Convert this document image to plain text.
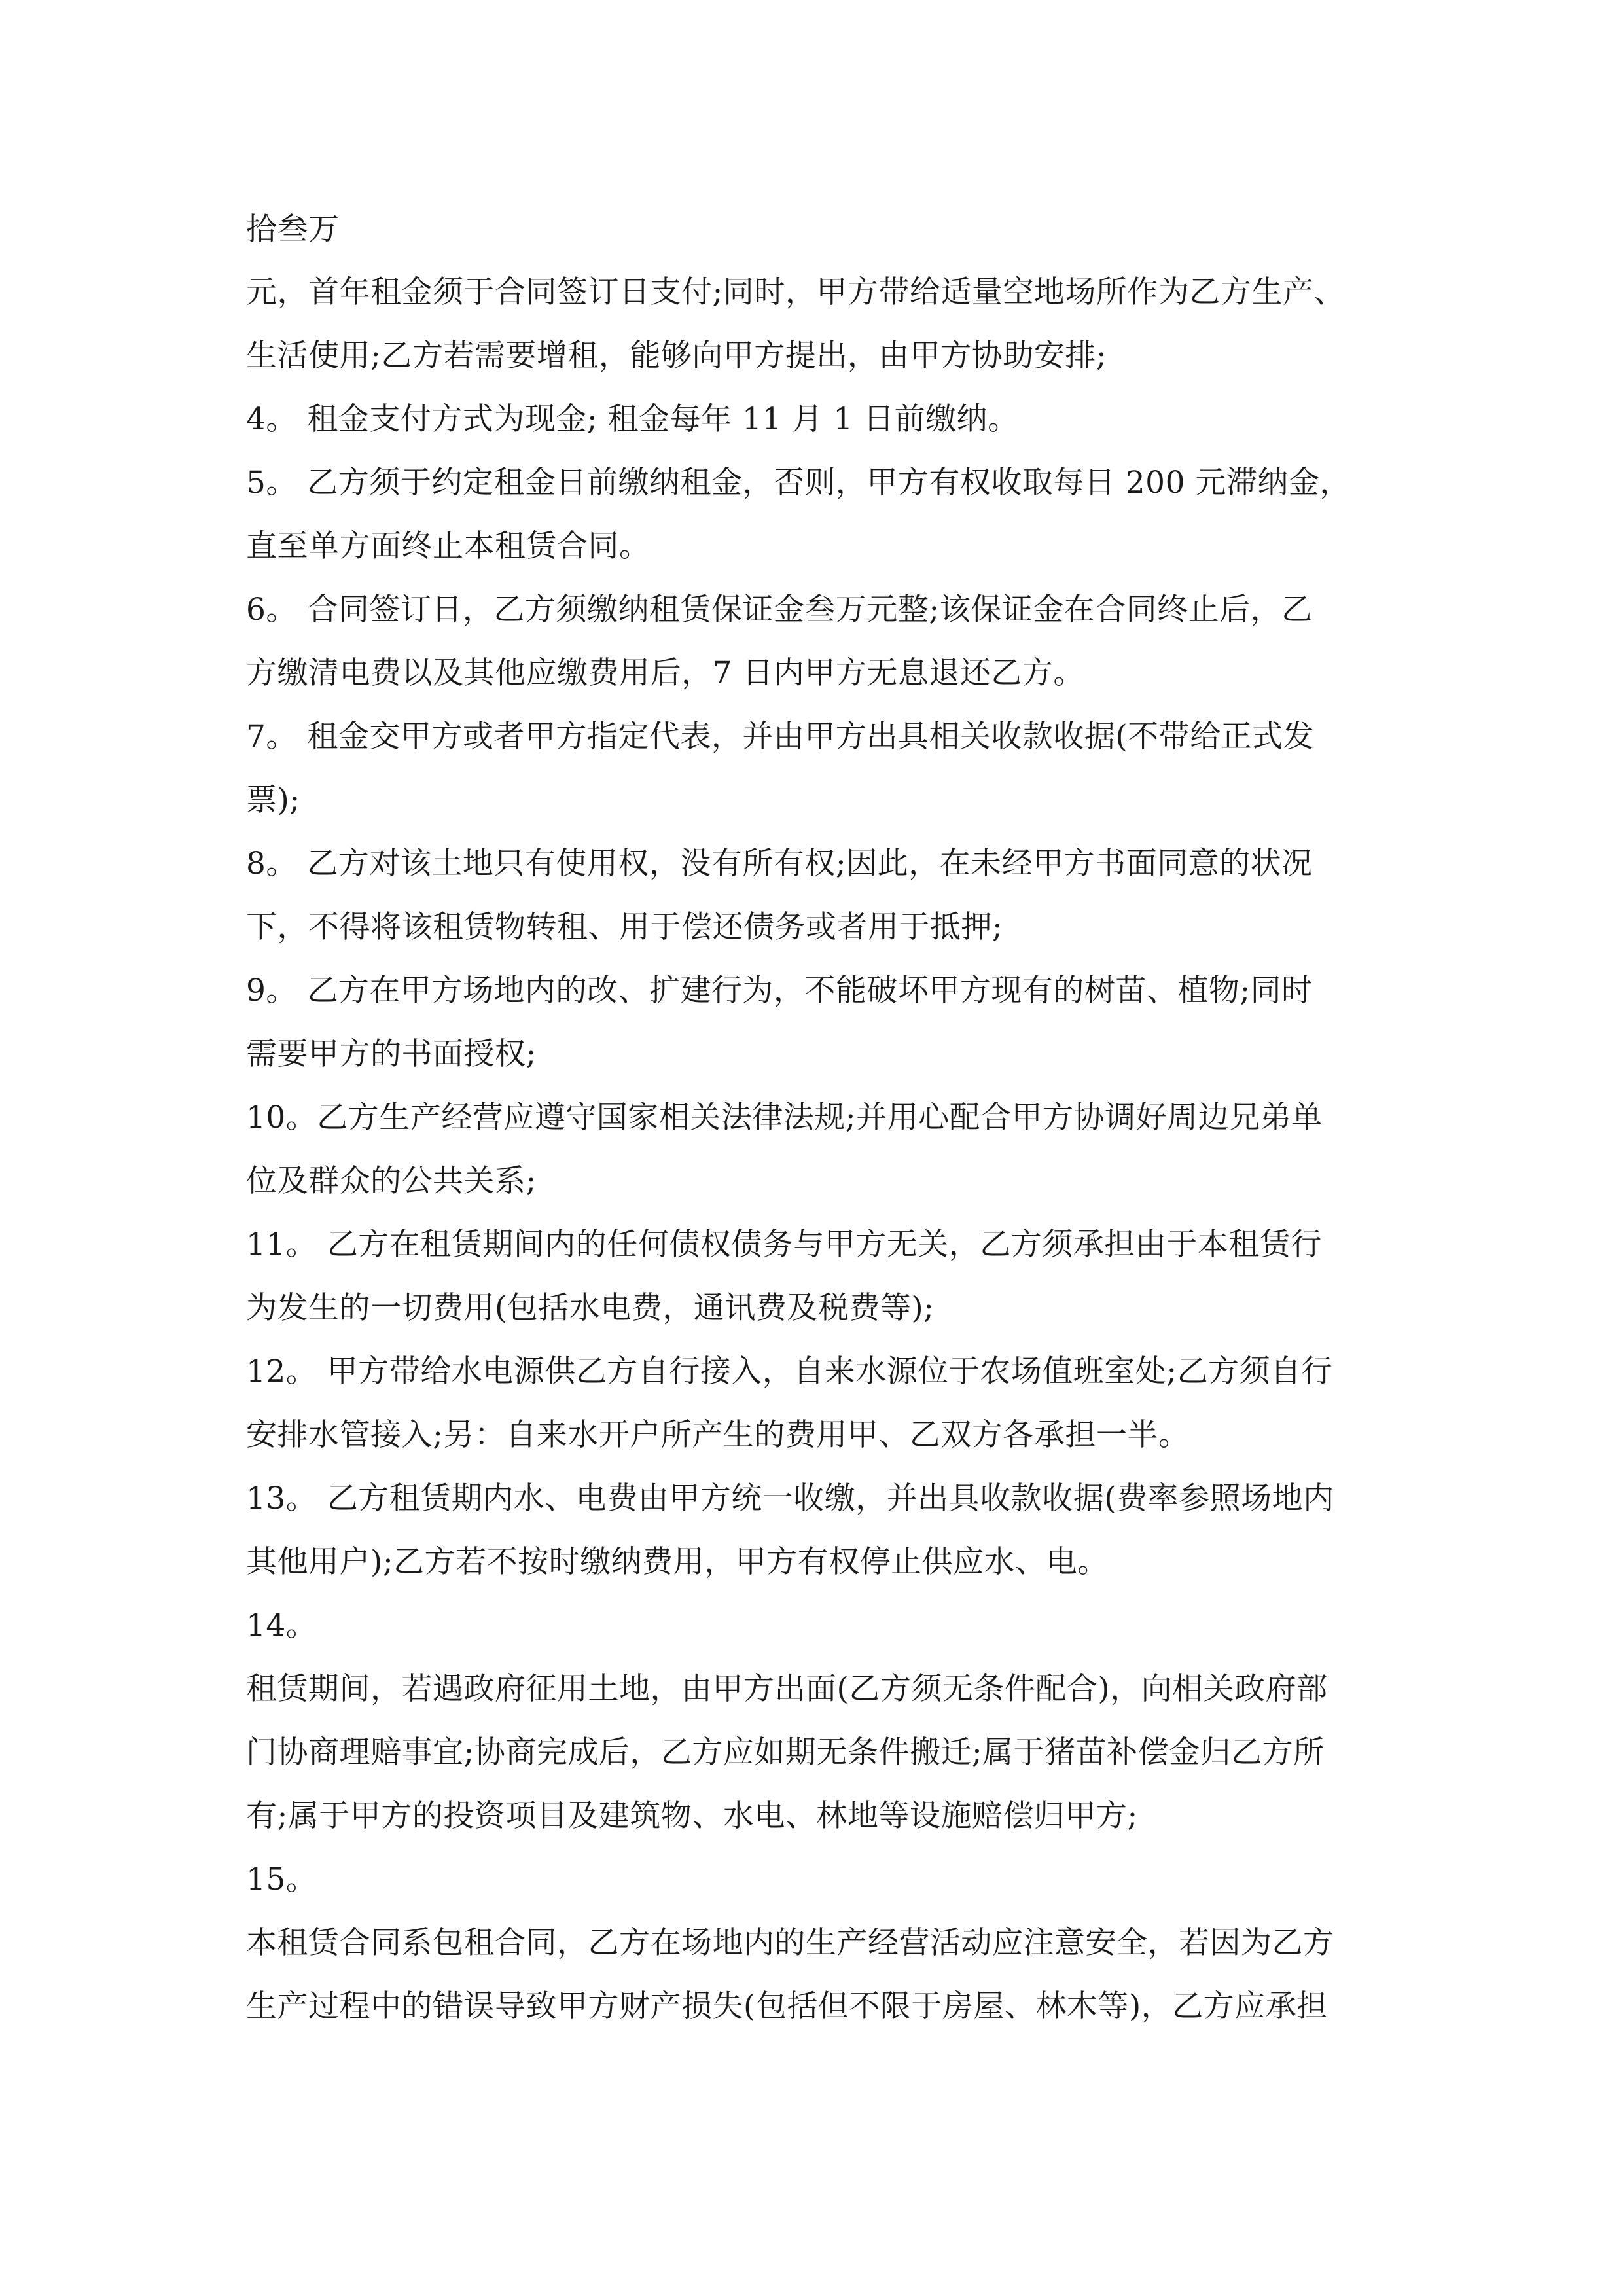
拾叁万
元，首年租金须于合同签订日支付;同时，甲方带给适量空地场所作为乙方生产、
生活使用;乙方若需要增租，能够向甲方提出，由甲方协助安排;
4。 租金支付方式为现金; 租金每年 11 月 1 日前缴纳。
5。 乙方须于约定租金日前缴纳租金，否则，甲方有权收取每日 200 元滞纳金，
直至单方面终止本租赁合同。
6。 合同签订日，乙方须缴纳租赁保证金叁万元整;该保证金在合同终止后，乙
方缴清电费以及其他应缴费用后，7 日内甲方无息退还乙方。
7。 租金交甲方或者甲方指定代表，并由甲方出具相关收款收据(不带给正式发
票);
8。 乙方对该土地只有使用权，没有所有权;因此，在未经甲方书面同意的状况
下，不得将该租赁物转租、用于偿还债务或者用于抵押;
9。 乙方在甲方场地内的改、扩建行为，不能破坏甲方现有的树苗、植物;同时
需要甲方的书面授权;
10。乙方生产经营应遵守国家相关法律法规;并用心配合甲方协调好周边兄弟单
位及群众的公共关系;
11。 乙方在租赁期间内的任何债权债务与甲方无关，乙方须承担由于本租赁行
为发生的一切费用(包括水电费，通讯费及税费等);
12。 甲方带给水电源供乙方自行接入，自来水源位于农场值班室处;乙方须自行
安排水管接入;另：自来水开户所产生的费用甲、乙双方各承担一半。
13。 乙方租赁期内水、电费由甲方统一收缴，并出具收款收据(费率参照场地内
其他用户);乙方若不按时缴纳费用，甲方有权停止供应水、电。
14。
租赁期间，若遇政府征用土地，由甲方出面(乙方须无条件配合)，向相关政府部
门协商理赔事宜;协商完成后，乙方应如期无条件搬迁;属于猪苗补偿金归乙方所
有;属于甲方的投资项目及建筑物、水电、林地等设施赔偿归甲方;
15。
本租赁合同系包租合同，乙方在场地内的生产经营活动应注意安全，若因为乙方
生产过程中的错误导致甲方财产损失(包括但不限于房屋、林木等)，乙方应承担
